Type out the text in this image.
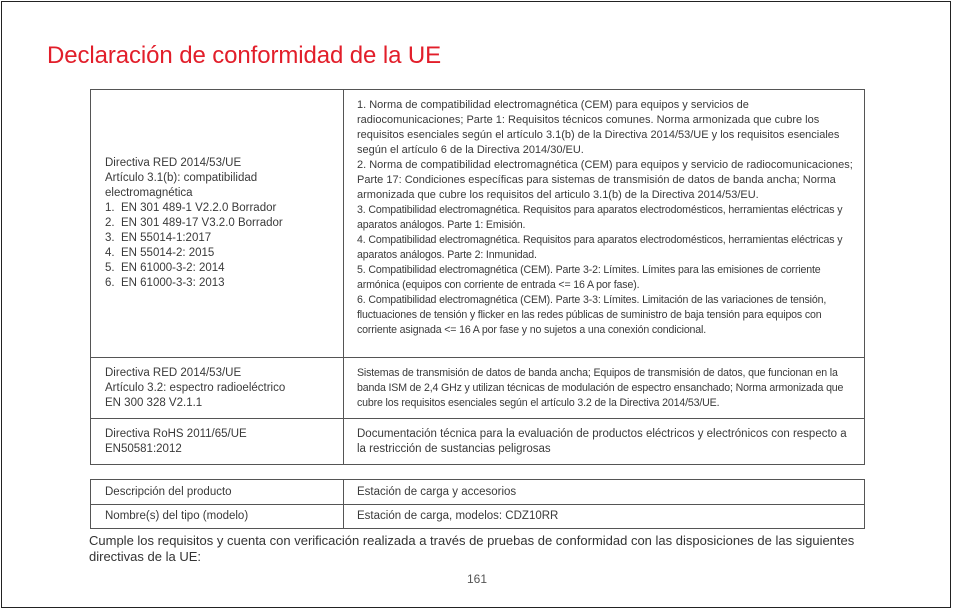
Declaración de conformidad de la UE
Directiva RED 2014/53/UE
Artículo 3.1(b): compatibilidad
electromagnética
1.  EN 301 489-1 V2.2.0 Borrador
2.  EN 301 489-17 V3.2.0 Borrador
3.  EN 55014-1:2017
4.  EN 55014-2: 2015
5.  EN 61000-3-2: 2014
6.  EN 61000-3-3: 2013
1. Norma de compatibilidad electromagnética (CEM) para equipos y servicios de radiocomunicaciones; Parte 1: Requisitos técnicos comunes. Norma armonizada que cubre los requisitos esenciales según el artículo 3.1(b) de la Directiva 2014/53/UE y los requisitos esenciales según el artículo 6 de la Directiva 2014/30/EU.
2. Norma de compatibilidad electromagnética (CEM) para equipos y servicio de radiocomunicaciones; Parte 17: Condiciones específicas para sistemas de transmisión de datos de banda ancha; Norma armonizada que cubre los requisitos del articulo 3.1(b) de la Directiva 2014/53/EU.
3. Compatibilidad electromagnética. Requisitos para aparatos electrodomésticos, herramientas eléctricas y aparatos análogos. Parte 1: Emisión.
4. Compatibilidad electromagnética. Requisitos para aparatos electrodomésticos, herramientas eléctricas y aparatos análogos. Parte 2: Inmunidad.
5. Compatibilidad electromagnética (CEM). Parte 3-2: Límites. Límites para las emisiones de corriente armónica (equipos con corriente de entrada <= 16 A por fase).
6. Compatibilidad electromagnética (CEM). Parte 3-3: Límites. Limitación de las variaciones de tensión, fluctuaciones de tensión y flicker en las redes públicas de suministro de baja tensión para equipos con corriente asignada <= 16 A por fase y no sujetos a una conexión condicional.
Directiva RED 2014/53/UE
Artículo 3.2: espectro radioeléctrico
EN 300 328 V2.1.1
Sistemas de transmisión de datos de banda ancha; Equipos de transmisión de datos, que funcionan en la banda ISM de 2,4 GHz y utilizan técnicas de modulación de espectro ensanchado; Norma armonizada que cubre los requisitos esenciales según el artículo 3.2 de la Directiva 2014/53/UE.
Directiva RoHS 2011/65/UE
EN50581:2012
Documentación técnica para la evaluación de productos eléctricos y electrónicos con respecto a la restricción de sustancias peligrosas
Descripción del producto	Estación de carga y accesorios
Nombre(s) del tipo (modelo)	Estación de carga, modelos: CDZ10RR
Cumple los requisitos y cuenta con verificación realizada a través de pruebas de conformidad con las disposiciones de las siguientes directivas de la UE:
161
